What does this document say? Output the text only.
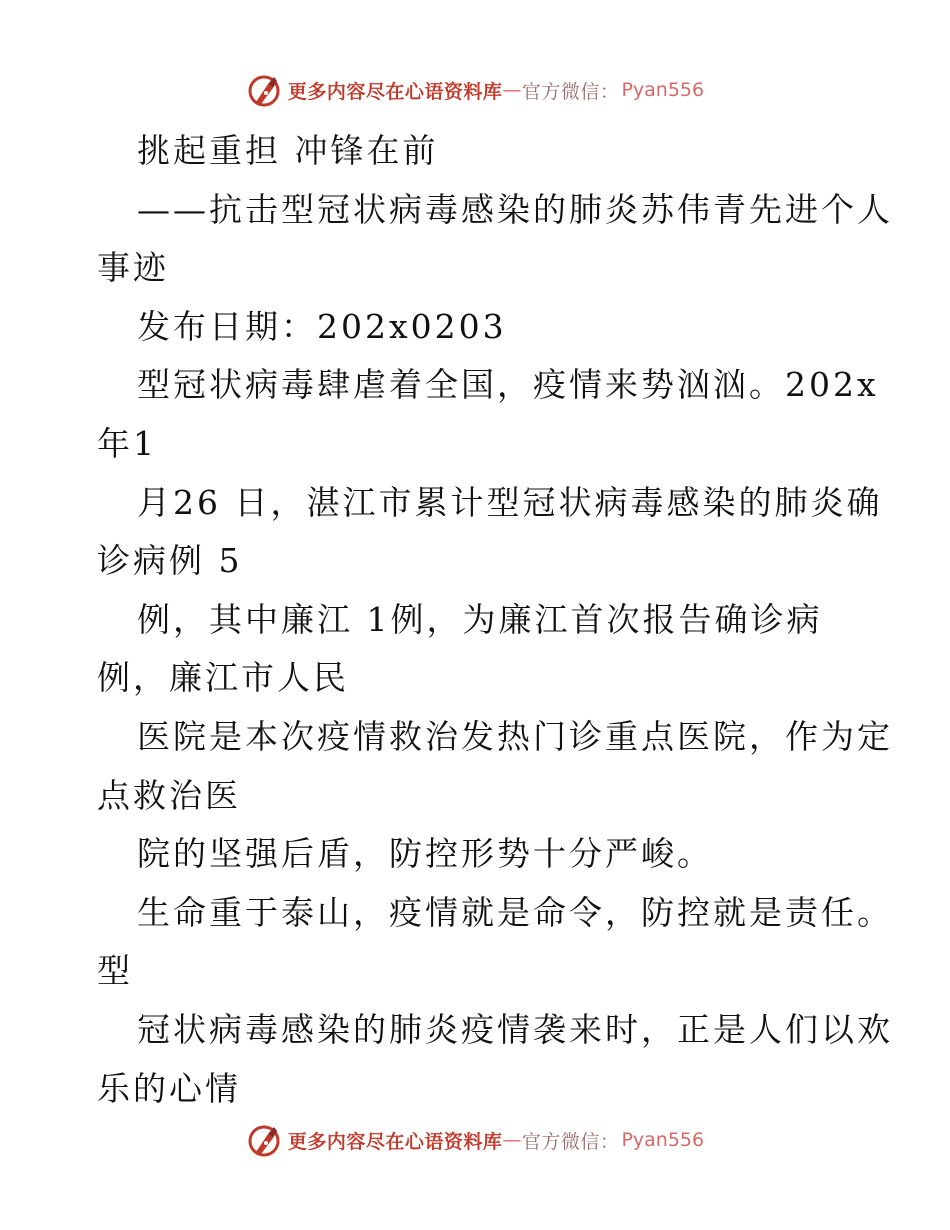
更多内容尽在心语资料库 — 官方微信： Pyan556
挑起重担 冲锋在前
——抗击型冠状病毒感染的肺炎苏伟青先进个人
事迹
发布日期：202x0203
型冠状病毒肆虐着全国，疫情来势汹汹。202x
年1
月26 日，湛江市累计型冠状病毒感染的肺炎确
诊病例 5
例，其中廉江 1例，为廉江首次报告确诊病
例，廉江市人民
医院是本次疫情救治发热门诊重点医院，作为定
点救治医
院的坚强后盾，防控形势十分严峻。
生命重于泰山，疫情就是命令，防控就是责任。
型
冠状病毒感染的肺炎疫情袭来时，正是人们以欢
乐的心情
更多内容尽在心语资料库 — 官方微信： Pyan556
